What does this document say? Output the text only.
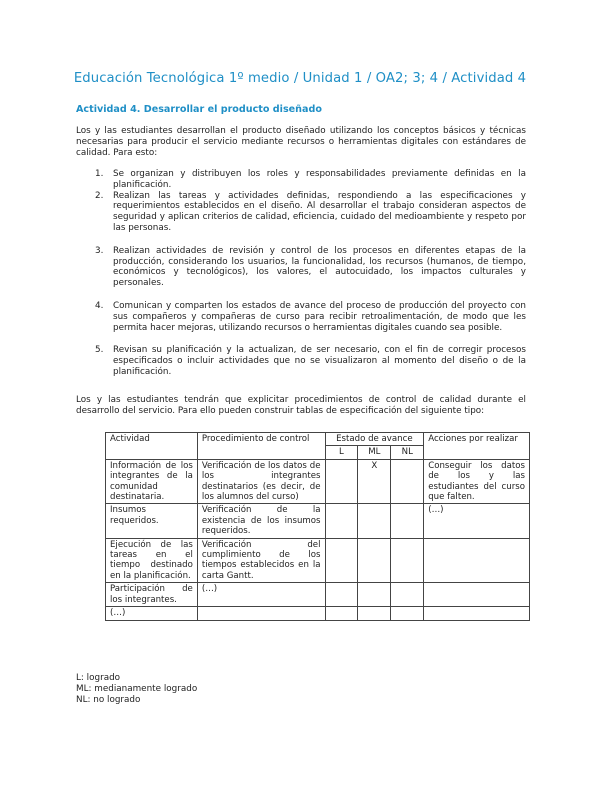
Educación Tecnológica 1º medio / Unidad 1 / OA2; 3; 4 / Actividad 4
Actividad 4. Desarrollar el producto diseñado
Los y las estudiantes desarrollan el producto diseñado utilizando los conceptos básicos y técnicas necesarias para producir el servicio mediante recursos o herramientas digitales con estándares de calidad. Para esto:
1. Se organizan y distribuyen los roles y responsabilidades previamente definidas en la planificación.
2. Realizan las tareas y actividades definidas, respondiendo a las especificaciones y requerimientos establecidos en el diseño. Al desarrollar el trabajo consideran aspectos de seguridad y aplican criterios de calidad, eficiencia, cuidado del medioambiente y respeto por las personas.
3. Realizan actividades de revisión y control de los procesos en diferentes etapas de la producción, considerando los usuarios, la funcionalidad, los recursos (humanos, de tiempo, económicos y tecnológicos), los valores, el autocuidado, los impactos culturales y personales.
4. Comunican y comparten los estados de avance del proceso de producción del proyecto con sus compañeros y compañeras de curso para recibir retroalimentación, de modo que les permita hacer mejoras, utilizando recursos o herramientas digitales cuando sea posible.
5. Revisan su planificación y la actualizan, de ser necesario, con el fin de corregir procesos especificados o incluir actividades que no se visualizaron al momento del diseño o de la planificación.
Los y las estudiantes tendrán que explicitar procedimientos de control de calidad durante el desarrollo del servicio. Para ello pueden construir tablas de especificación del siguiente tipo:
Actividad	Procedimiento de control	Estado de avance			Acciones por realizar
		L	ML	NL	
Información de los integrantes de la comunidad destinataria.	Verificación de los datos de los integrantes destinatarios (es decir, de los alumnos del curso)		X		Conseguir los datos de los y las estudiantes del curso que falten.
Insumos requeridos.	Verificación de la existencia de los insumos requeridos.				(…)
Ejecución de las tareas en el tiempo destinado en la planificación.	Verificación del cumplimiento de los tiempos establecidos en la carta Gantt.				
Participación de los integrantes.	(…)				
(…)					
L: logrado
ML: medianamente logrado
NL: no logrado
